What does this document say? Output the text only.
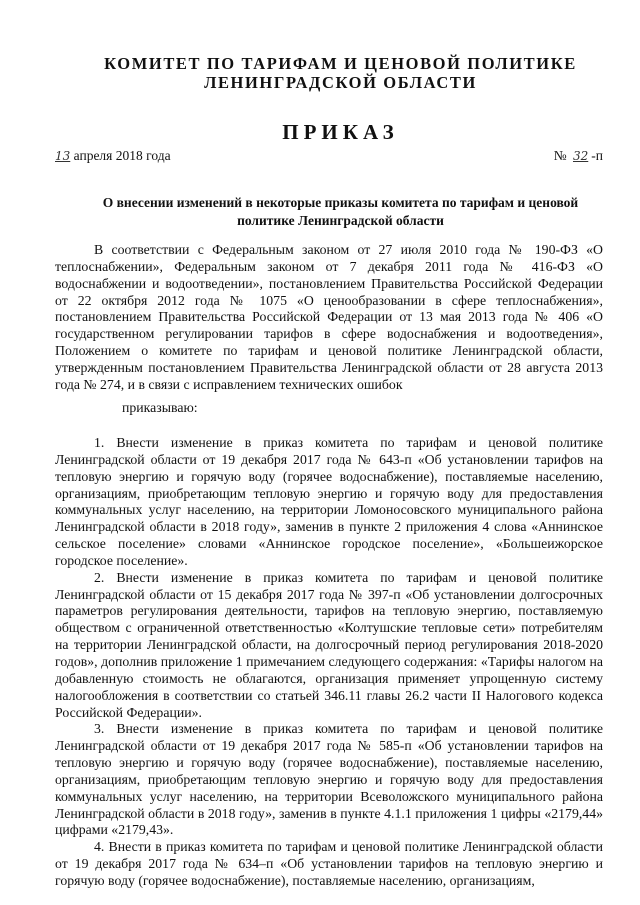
КОМИТЕТ ПО ТАРИФАМ И ЦЕНОВОЙ ПОЛИТИКЕ
ЛЕНИНГРАДСКОЙ ОБЛАСТИ
ПРИКАЗ
13 апреля 2018 года	№ 32 -п
О внесении изменений в некоторые приказы комитета по тарифам и ценовой
политике Ленинградской области

В соответствии с Федеральным законом от 27 июля 2010 года № 190-ФЗ «О теплоснабжении», Федеральным законом от 7 декабря 2011 года № 416-ФЗ «О водоснабжении и водоотведении», постановлением Правительства Российской Федерации от 22 октября 2012 года № 1075 «О ценообразовании в сфере теплоснабжения», постановлением Правительства Российской Федерации от 13 мая 2013 года № 406 «О государственном регулировании тарифов в сфере водоснабжения и водоотведения», Положением о комитете по тарифам и ценовой политике Ленинградской области, утвержденным постановлением Правительства Ленинградской области от 28 августа 2013 года № 274, и в связи с исправлением технических ошибок

приказываю:

1. Внести изменение в приказ комитета по тарифам и ценовой политике Ленинградской области от 19 декабря 2017 года № 643-п «Об установлении тарифов на тепловую энергию и горячую воду (горячее водоснабжение), поставляемые населению, организациям, приобретающим тепловую энергию и горячую воду для предоставления коммунальных услуг населению, на территории Ломоносовского муниципального района Ленинградской области в 2018 году», заменив в пункте 2 приложения 4 слова «Аннинское сельское поселение» словами «Аннинское городское поселение», «Большеижорское городское поселение».

2. Внести изменение в приказ комитета по тарифам и ценовой политике Ленинградской области от 15 декабря 2017 года № 397-п «Об установлении долгосрочных параметров регулирования деятельности, тарифов на тепловую энергию, поставляемую обществом с ограниченной ответственностью «Колтушские тепловые сети» потребителям на территории Ленинградской области, на долгосрочный период регулирования 2018-2020 годов», дополнив приложение 1 примечанием следующего содержания: «Тарифы налогом на добавленную стоимость не облагаются, организация применяет упрощенную систему налогообложения в соответствии со статьей 346.11 главы 26.2 части II Налогового кодекса Российской Федерации».

3. Внести изменение в приказ комитета по тарифам и ценовой политике Ленинградской области от 19 декабря 2017 года № 585-п «Об установлении тарифов на тепловую энергию и горячую воду (горячее водоснабжение), поставляемые населению, организациям, приобретающим тепловую энергию и горячую воду для предоставления коммунальных услуг населению, на территории Всеволожского муниципального района Ленинградской области в 2018 году», заменив в пункте 4.1.1 приложения 1 цифры «2179,44» цифрами «2179,43».

4. Внести в приказ комитета по тарифам и ценовой политике Ленинградской области от 19 декабря 2017 года № 634–п «Об установлении тарифов на тепловую энергию и горячую воду (горячее водоснабжение), поставляемые населению, организациям,
